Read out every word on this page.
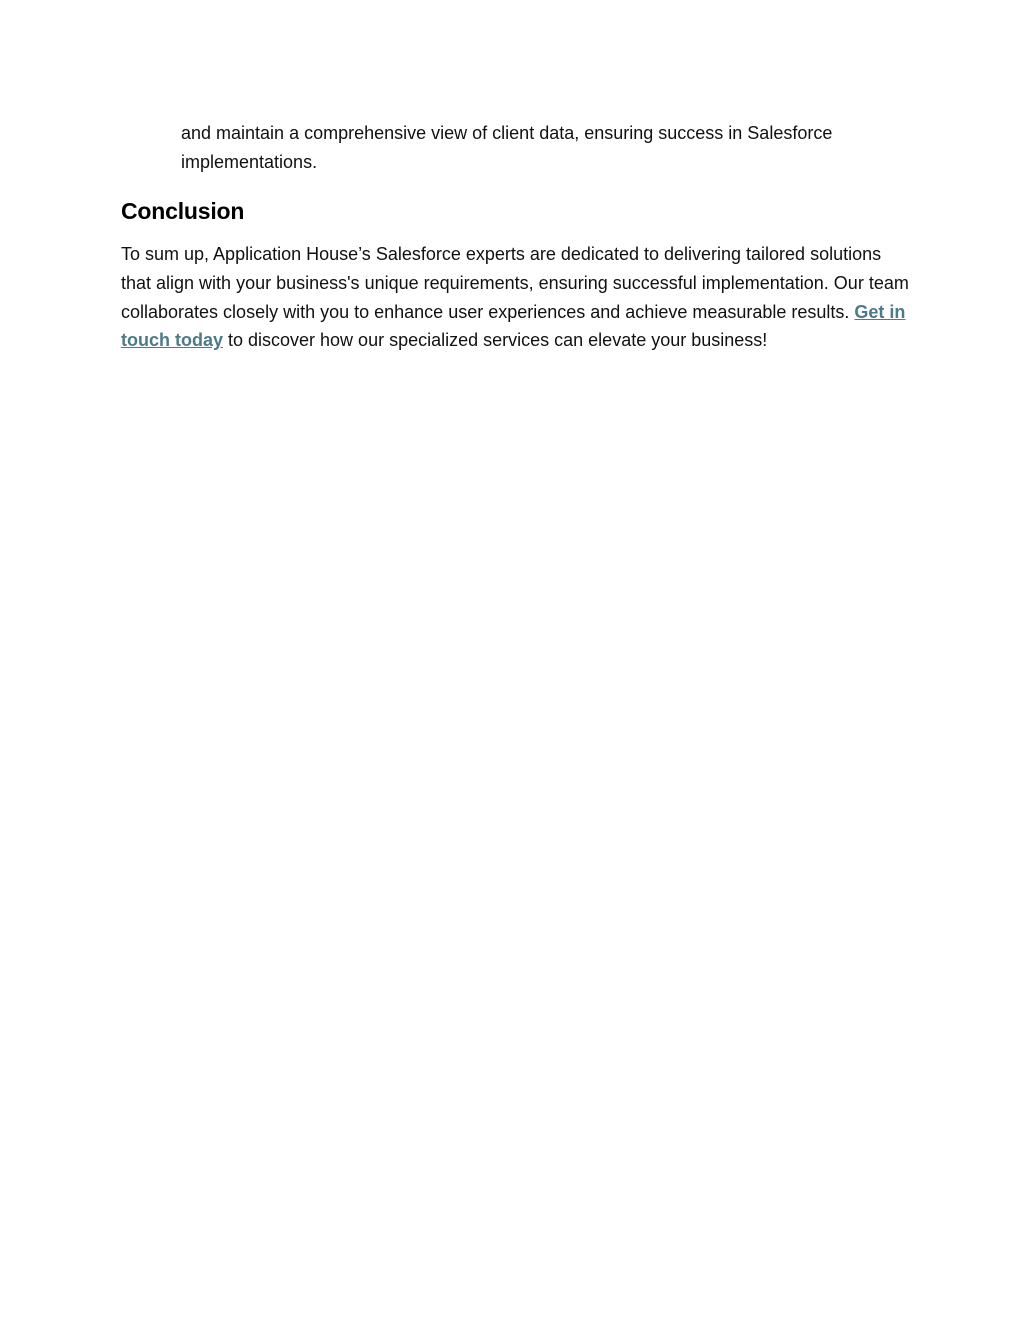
and maintain a comprehensive view of client data, ensuring success in Salesforce implementations.

Conclusion

To sum up, Application House’s Salesforce experts are dedicated to delivering tailored solutions that align with your business's unique requirements, ensuring successful implementation. Our team collaborates closely with you to enhance user experiences and achieve measurable results. Get in touch today to discover how our specialized services can elevate your business!
